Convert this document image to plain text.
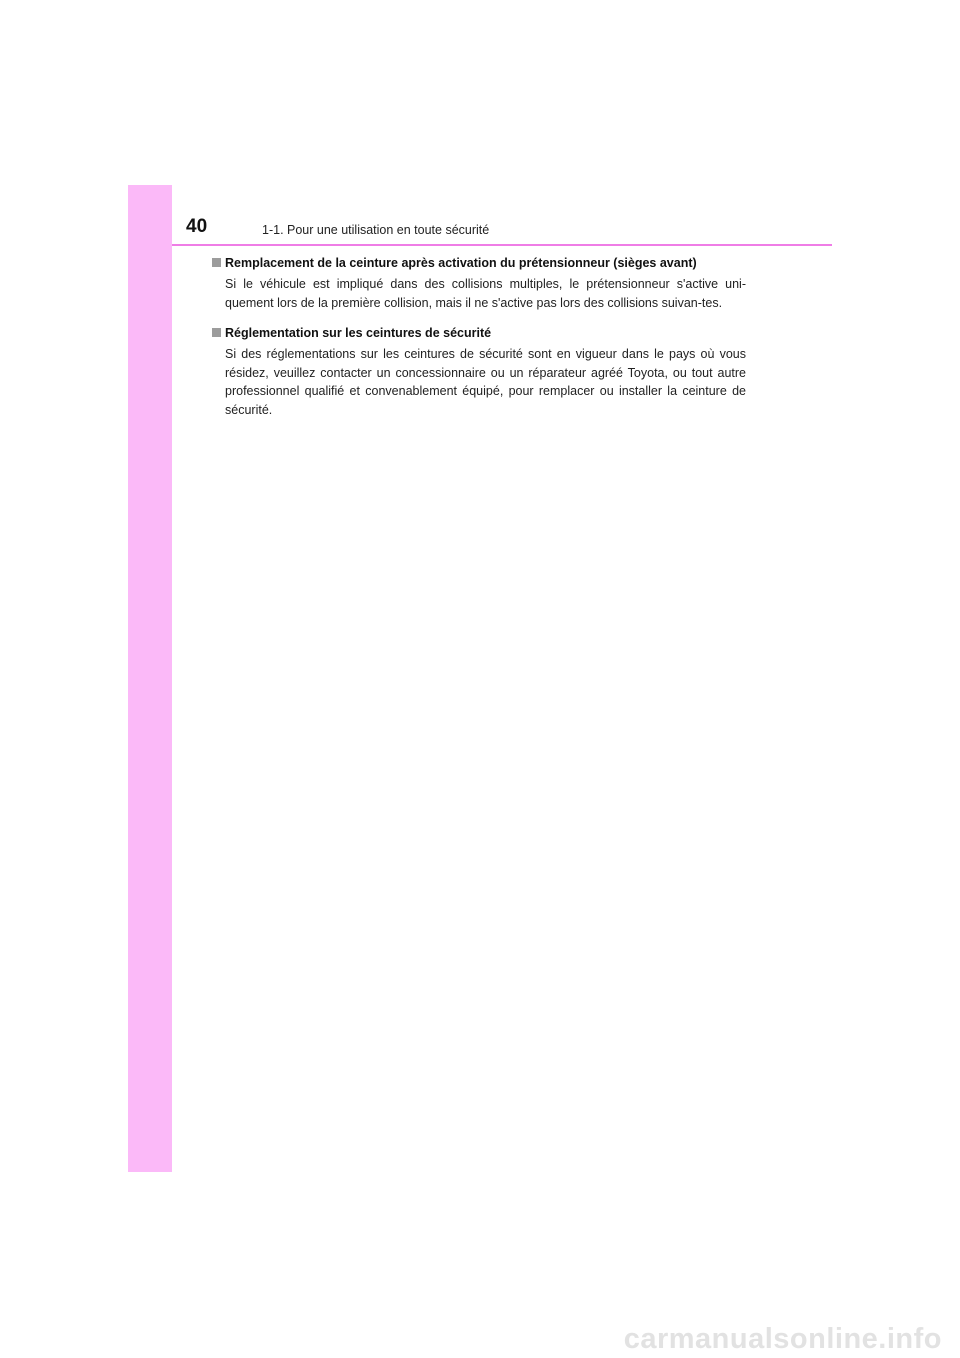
40	1-1. Pour une utilisation en toute sécurité
Remplacement de la ceinture après activation du prétensionneur (sièges avant)
Si le véhicule est impliqué dans des collisions multiples, le prétensionneur s'active uni-quement lors de la première collision, mais il ne s'active pas lors des collisions suivan-tes.
Réglementation sur les ceintures de sécurité
Si des réglementations sur les ceintures de sécurité sont en vigueur dans le pays où vous résidez, veuillez contacter un concessionnaire ou un réparateur agréé Toyota, ou tout autre professionnel qualifié et convenablement équipé, pour remplacer ou installer la ceinture de sécurité.
carmanualsonline.info
